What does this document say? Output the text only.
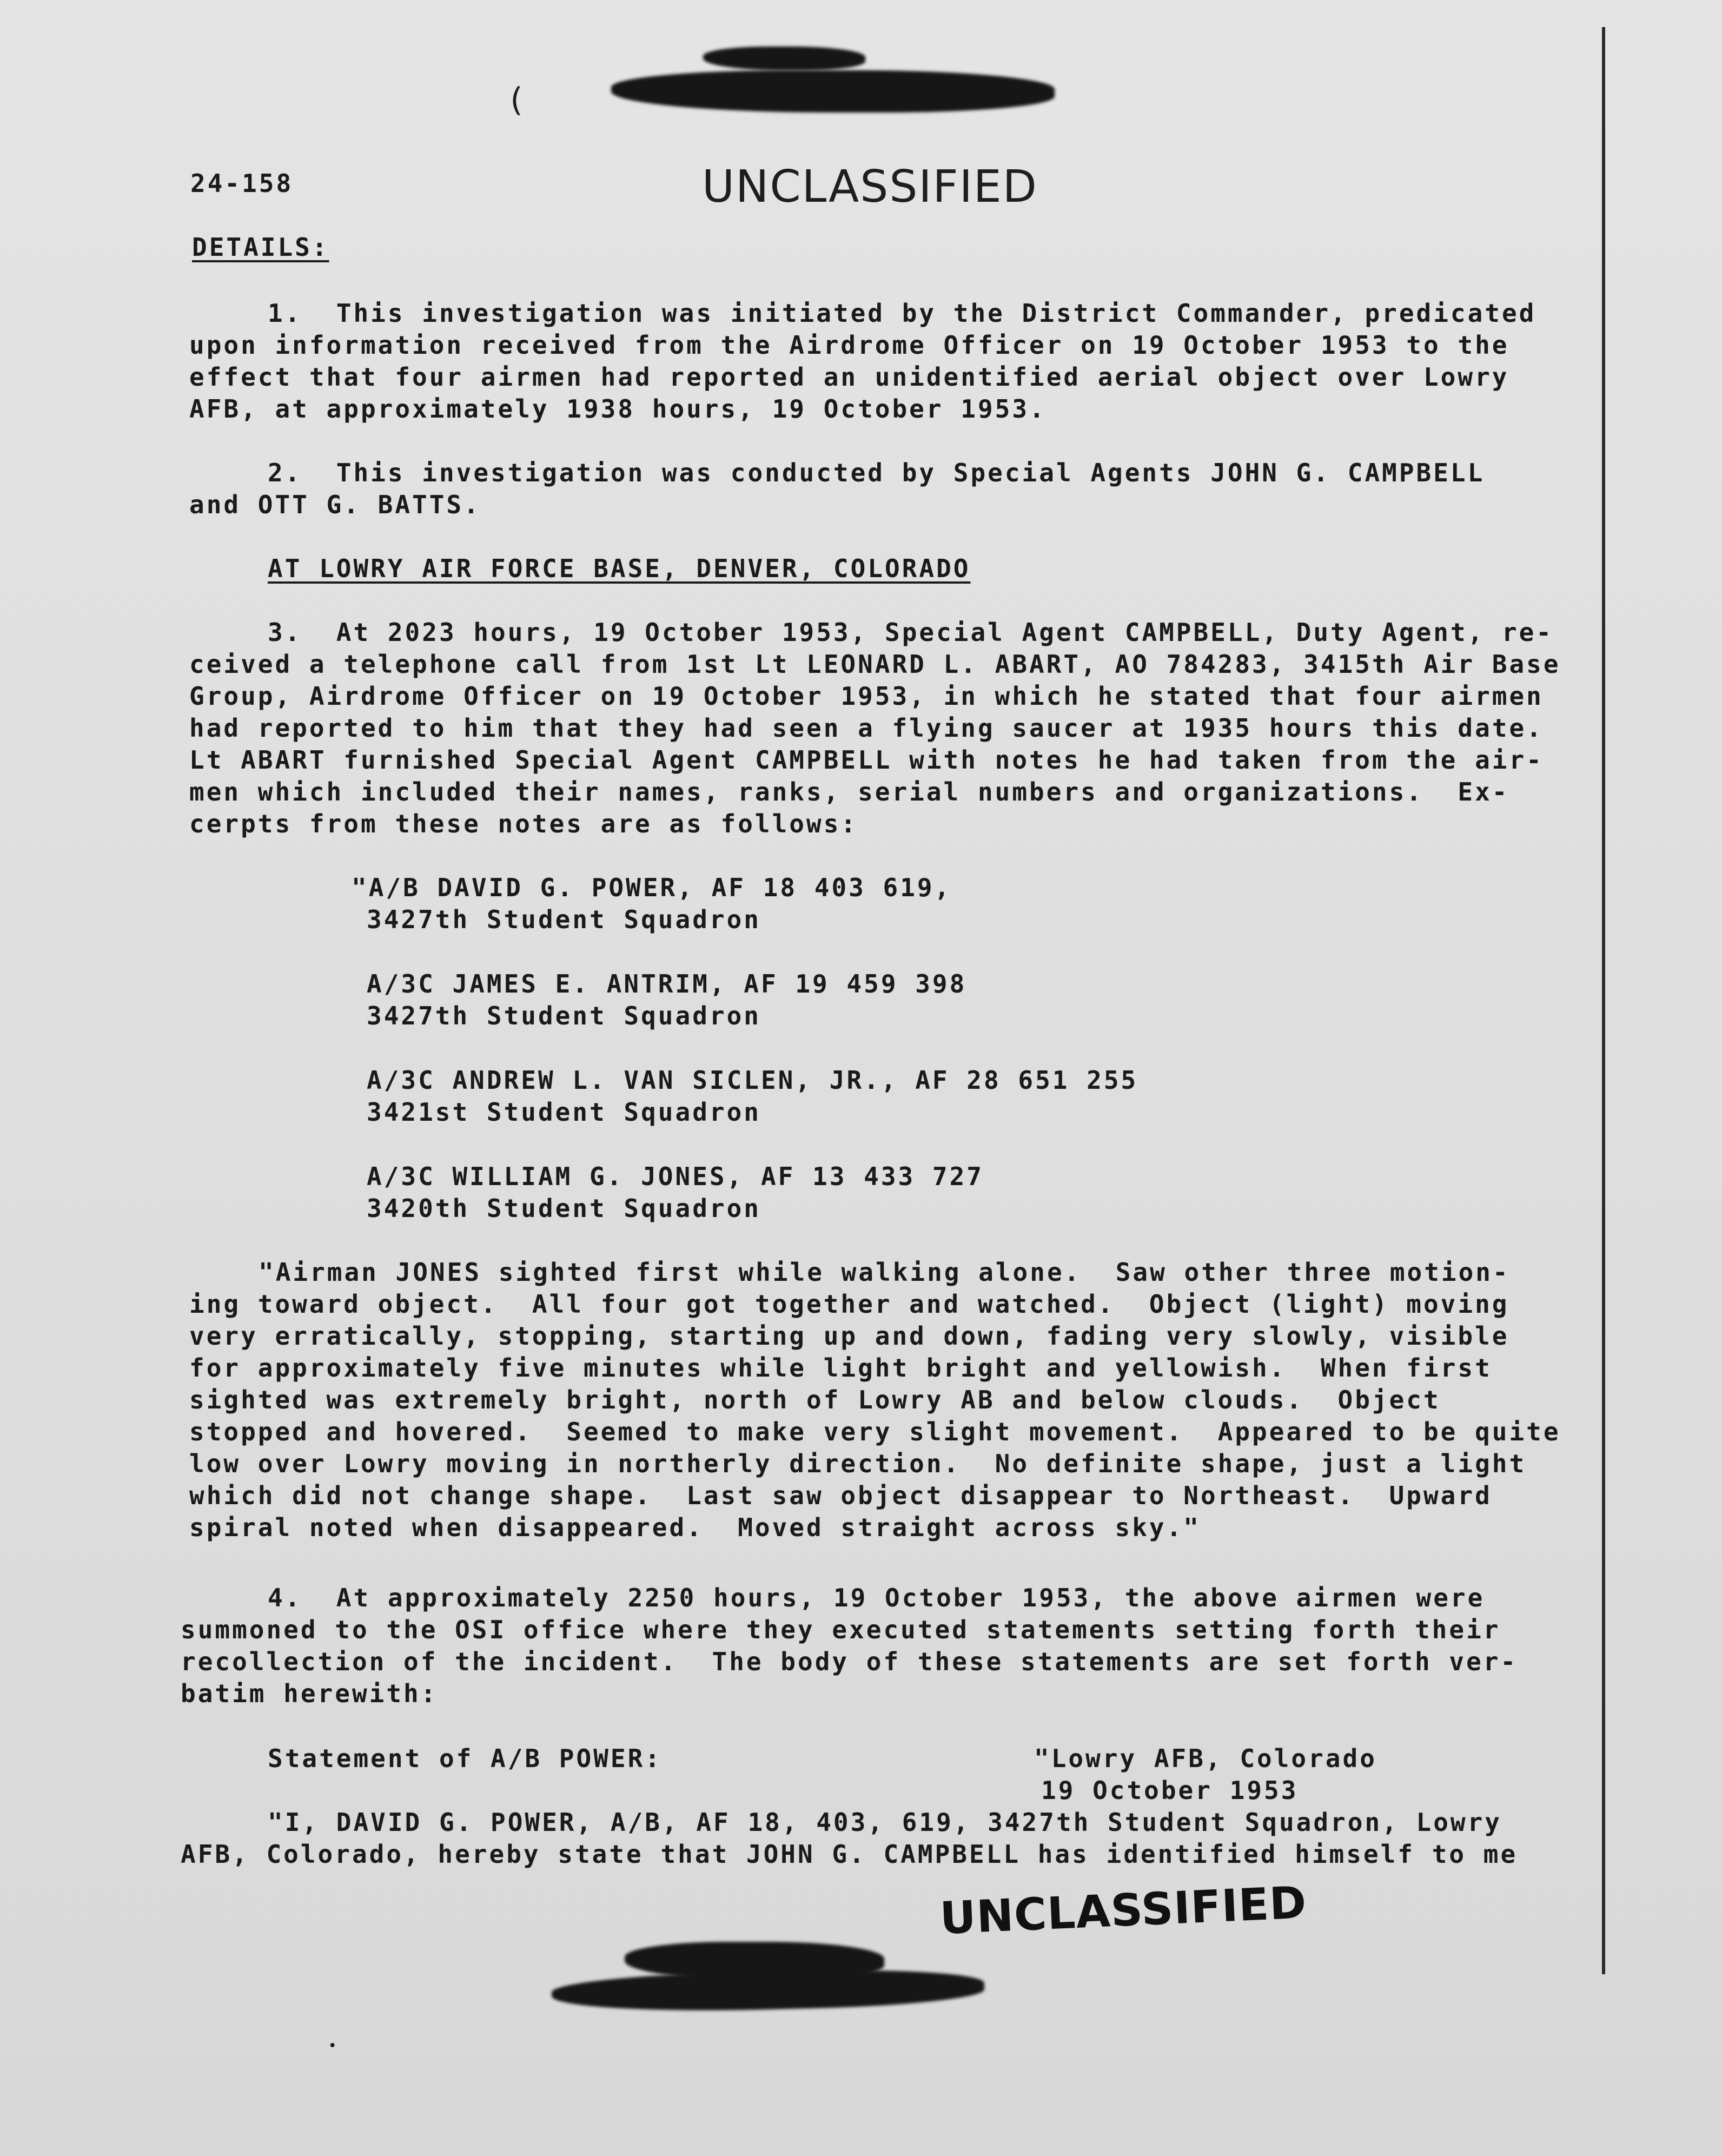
(
•
24-158	UNCLASSIFIED
DETAILS:
1.  This investigation was initiated by the District Commander, predicated
upon information received from the Airdrome Officer on 19 October 1953 to the
effect that four airmen had reported an unidentified aerial object over Lowry
AFB, at approximately 1938 hours, 19 October 1953.
2.  This investigation was conducted by Special Agents JOHN G. CAMPBELL
and OTT G. BATTS.
AT LOWRY AIR FORCE BASE, DENVER, COLORADO
3.  At 2023 hours, 19 October 1953, Special Agent CAMPBELL, Duty Agent, re-
ceived a telephone call from 1st Lt LEONARD L. ABART, AO 784283, 3415th Air Base
Group, Airdrome Officer on 19 October 1953, in which he stated that four airmen
had reported to him that they had seen a flying saucer at 1935 hours this date.
Lt ABART furnished Special Agent CAMPBELL with notes he had taken from the air-
men which included their names, ranks, serial numbers and organizations.  Ex-
cerpts from these notes are as follows:
"A/B DAVID G. POWER, AF 18 403 619,
3427th Student Squadron
A/3C JAMES E. ANTRIM, AF 19 459 398
3427th Student Squadron
A/3C ANDREW L. VAN SICLEN, JR., AF 28 651 255
3421st Student Squadron
A/3C WILLIAM G. JONES, AF 13 433 727
3420th Student Squadron
"Airman JONES sighted first while walking alone.  Saw other three motion-
ing toward object.  All four got together and watched.  Object (light) moving
very erratically, stopping, starting up and down, fading very slowly, visible
for approximately five minutes while light bright and yellowish.  When first
sighted was extremely bright, north of Lowry AB and below clouds.  Object
stopped and hovered.  Seemed to make very slight movement.  Appeared to be quite
low over Lowry moving in northerly direction.  No definite shape, just a light
which did not change shape.  Last saw object disappear to Northeast.  Upward
spiral noted when disappeared.  Moved straight across sky."
4.  At approximately 2250 hours, 19 October 1953, the above airmen were
summoned to the OSI office where they executed statements setting forth their
recollection of the incident.  The body of these statements are set forth ver-
batim herewith:
Statement of A/B POWER:	"Lowry AFB, Colorado
19 October 1953
"I, DAVID G. POWER, A/B, AF 18, 403, 619, 3427th Student Squadron, Lowry
AFB, Colorado, hereby state that JOHN G. CAMPBELL has identified himself to me
UNCLASSIFIED
